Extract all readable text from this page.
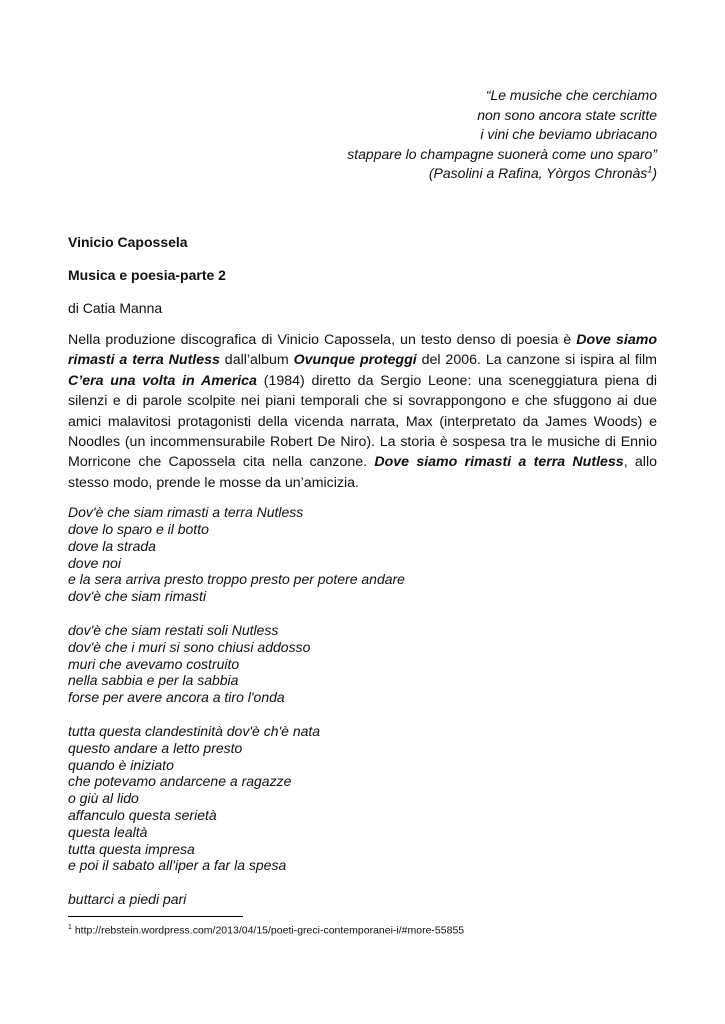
“Le musiche che cerchiamo
non sono ancora state scritte
i vini che beviamo ubriacano
stappare lo champagne suonerà come uno sparo”
(Pasolini a Rafina, Yòrgos Chronàs$^1$)
Vinicio Capossela
Musica e poesia-parte 2
di Catia Manna

Nella produzione discografica di Vinicio Capossela, un testo denso di poesia è Dove siamo rimasti a terra Nutless dall’album Ovunque proteggi del 2006. La canzone si ispira al film C’era una volta in America (1984) diretto da Sergio Leone: una sceneggiatura piena di silenzi e di parole scolpite nei piani temporali che si sovrappongono e che sfuggono ai due amici malavitosi protagonisti della vicenda narrata, Max (interpretato da James Woods) e Noodles (un incommensurabile Robert De Niro). La storia è sospesa tra le musiche di Ennio Morricone che Capossela cita nella canzone. Dove siamo rimasti a terra Nutless, allo stesso modo, prende le mosse da un’amicizia.

Dov'è che siam rimasti a terra Nutless
dove lo sparo e il botto
dove la strada
dove noi
e la sera arriva presto troppo presto per potere andare
dov'è che siam rimasti
dov'è che siam restati soli Nutless
dov'è che i muri si sono chiusi addosso
muri che avevamo costruito
nella sabbia e per la sabbia
forse per avere ancora a tiro l'onda
tutta questa clandestinità dov'è ch'è nata
questo andare a letto presto
quando è iniziato
che potevamo andarcene a ragazze
o giù al lido
affanculo questa serietà
questa lealtà
tutta questa impresa
e poi il sabato all'iper a far la spesa
buttarci a piedi pari
$^1$ http://rebstein.wordpress.com/2013/04/15/poeti-greci-contemporanei-i/#more-55855
